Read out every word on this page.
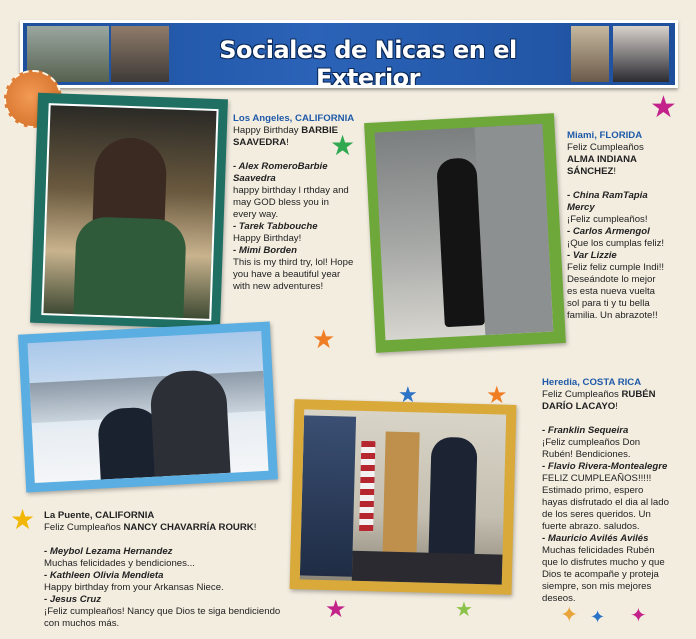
Sociales de Nicas en el Exterior
★
★
★
★	★
★
★	★	✦ ✦ ✦
Los Angeles, CALIFORNIA
Happy Birthday BARBIE SAAVEDRA!
- Alex RomeroBarbie Saavedra
happy birthday l rthday and may GOD bless you in every way.
- Tarek Tabbouche
Happy Birthday!
- Mimi Borden
This is my third try, lol! Hope you have a beautiful year with new adventures!
Miami, FLORIDA
Feliz Cumpleaños ALMA INDIANA SÁNCHEZ!
- China RamTapia Mercy
¡Feliz cumpleaños!
- Carlos Armengol
¡Que los cumplas feliz!
- Var Lizzie
Feliz feliz cumple Indi!! Deseándote lo mejor es esta nueva vuelta sol para ti y tu bella familia. Un abrazote!!
Heredia, COSTA RICA
Feliz Cumpleaños RUBÉN DARÍO LACAYO!
- Franklin Sequeira
¡Feliz cumpleaños Don Rubén! Bendiciones.
- Flavio Rivera-Montealegre
FELIZ CUMPLEAÑOS!!!!! Estimado primo, espero hayas disfrutado el dia al lado de los seres queridos. Un fuerte abrazo. saludos.
- Mauricio Avilés Avilés
Muchas felicidades Rubén que lo disfrutes mucho y que Dios te acompañe y proteja siempre, son mis mejores deseos.
La Puente, CALIFORNIA
Feliz Cumpleaños NANCY CHAVARRÍA ROURK!
- Meybol Lezama Hernandez
Muchas felicidades y bendiciones...
- Kathleen Olivia Mendieta
Happy birthday from your Arkansas Niece.
- Jesus Cruz
¡Feliz cumpleaños! Nancy que Dios te siga bendiciendo con muchos más.
